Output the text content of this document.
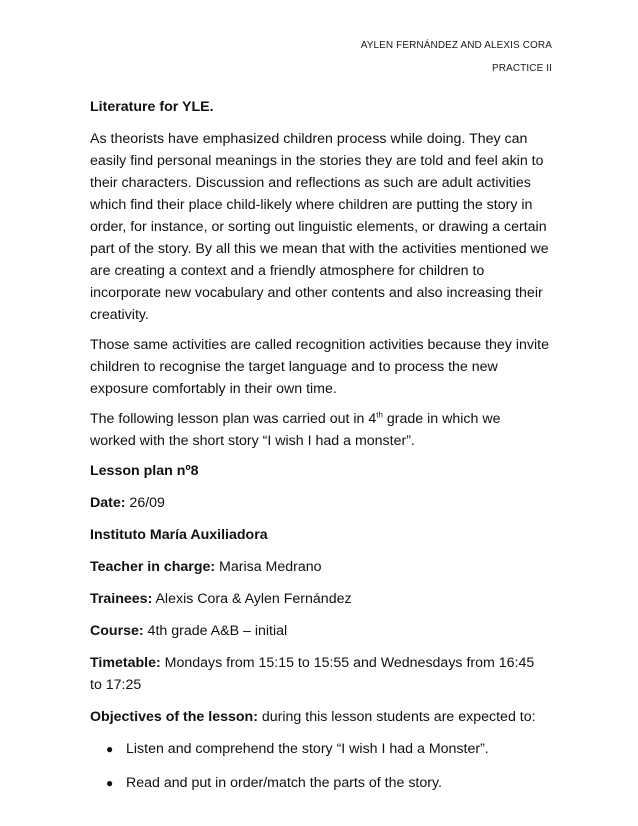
AYLEN FERNÁNDEZ AND ALEXIS CORA
PRACTICE II

Literature for YLE.

As theorists have emphasized children process while doing. They can easily find personal meanings in the stories they are told and feel akin to their characters. Discussion and reflections as such are adult activities which find their place child-likely where children are putting the story in order, for instance, or sorting out linguistic elements, or drawing a certain part of the story. By all this we mean that with the activities mentioned we are creating a context and a friendly atmosphere for children to incorporate new vocabulary and other contents and also increasing their creativity.

Those same activities are called recognition activities because they invite children to recognise the target language and to process the new exposure comfortably in their own time.

The following lesson plan was carried out in 4th grade in which we worked with the short story “I wish I had a monster”.

Lesson plan nº8

Date: 26/09

Instituto María Auxiliadora

Teacher in charge: Marisa Medrano

Trainees: Alexis Cora & Aylen Fernández

Course: 4th grade A&B – initial

Timetable: Mondays from 15:15 to 15:55 and Wednesdays from 16:45 to 17:25

Objectives of the lesson: during this lesson students are expected to:

● Listen and comprehend the story “I wish I had a Monster”.
● Read and put in order/match the parts of the story.
